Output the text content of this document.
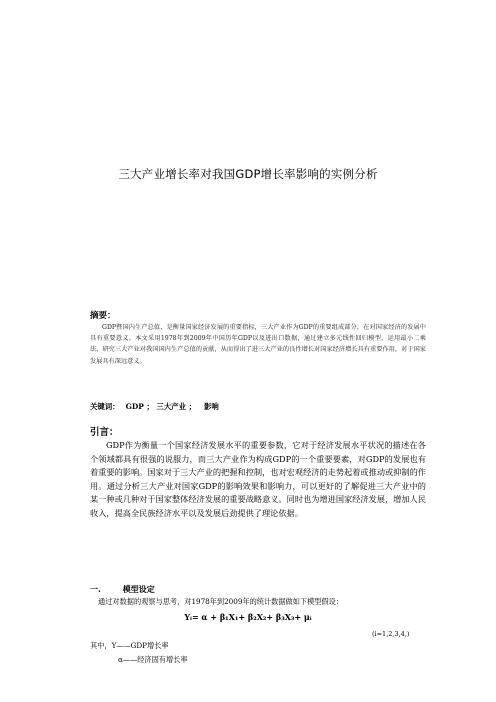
三大产业增长率对我国GDP增长率影响的实例分析
摘要：

GDP暨国内生产总值，是衡量国家经济发展的重要指标，三大产业作为GDP的重要组成部分，在对国家经济的发展中具有重要意义。本文采用1978年到2009年中国历年GDP以及进出口数据，通过建立多元线性回归模型，运用最小二乘法，研究三大产业对我国国内生产总值的贡献，从而得出了进三大产业的良性增长对国家经济增长具有重要作用，对于国家发展具有深远意义。

关键词： GDP ； 三大产业 ； 影响
引言：

GDP作为衡量一个国家经济发展水平的重要参数，它对于经济发展水平状况的描述在各个领域都具有很强的说服力，而三大产业作为构成GDP的一个重要要素，对GDP的发展也有着重要的影响。国家对于三大产业的把握和控制，也对宏观经济的走势起着或推动或抑制的作用。通过分析三大产业对国家GDP的影响效果和影响力，可以更好的了解促进三大产业中的某一种或几种对于国家整体经济发展的重要战略意义。同时也为增进国家经济发展，增加人民收入，提高全民族经济水平以及发展后劲提供了理论依据。

一.	模型设定
通过对数据的观察与思考，对1978年到2009年的统计数据做如下模型假设：
Yᵢ= α + β₁X₁+ β₂X₂+ β₃X₃+ μᵢ
(i=1,2,3,4,)
其中，Y——GDP增长率
α——经济固有增长率
